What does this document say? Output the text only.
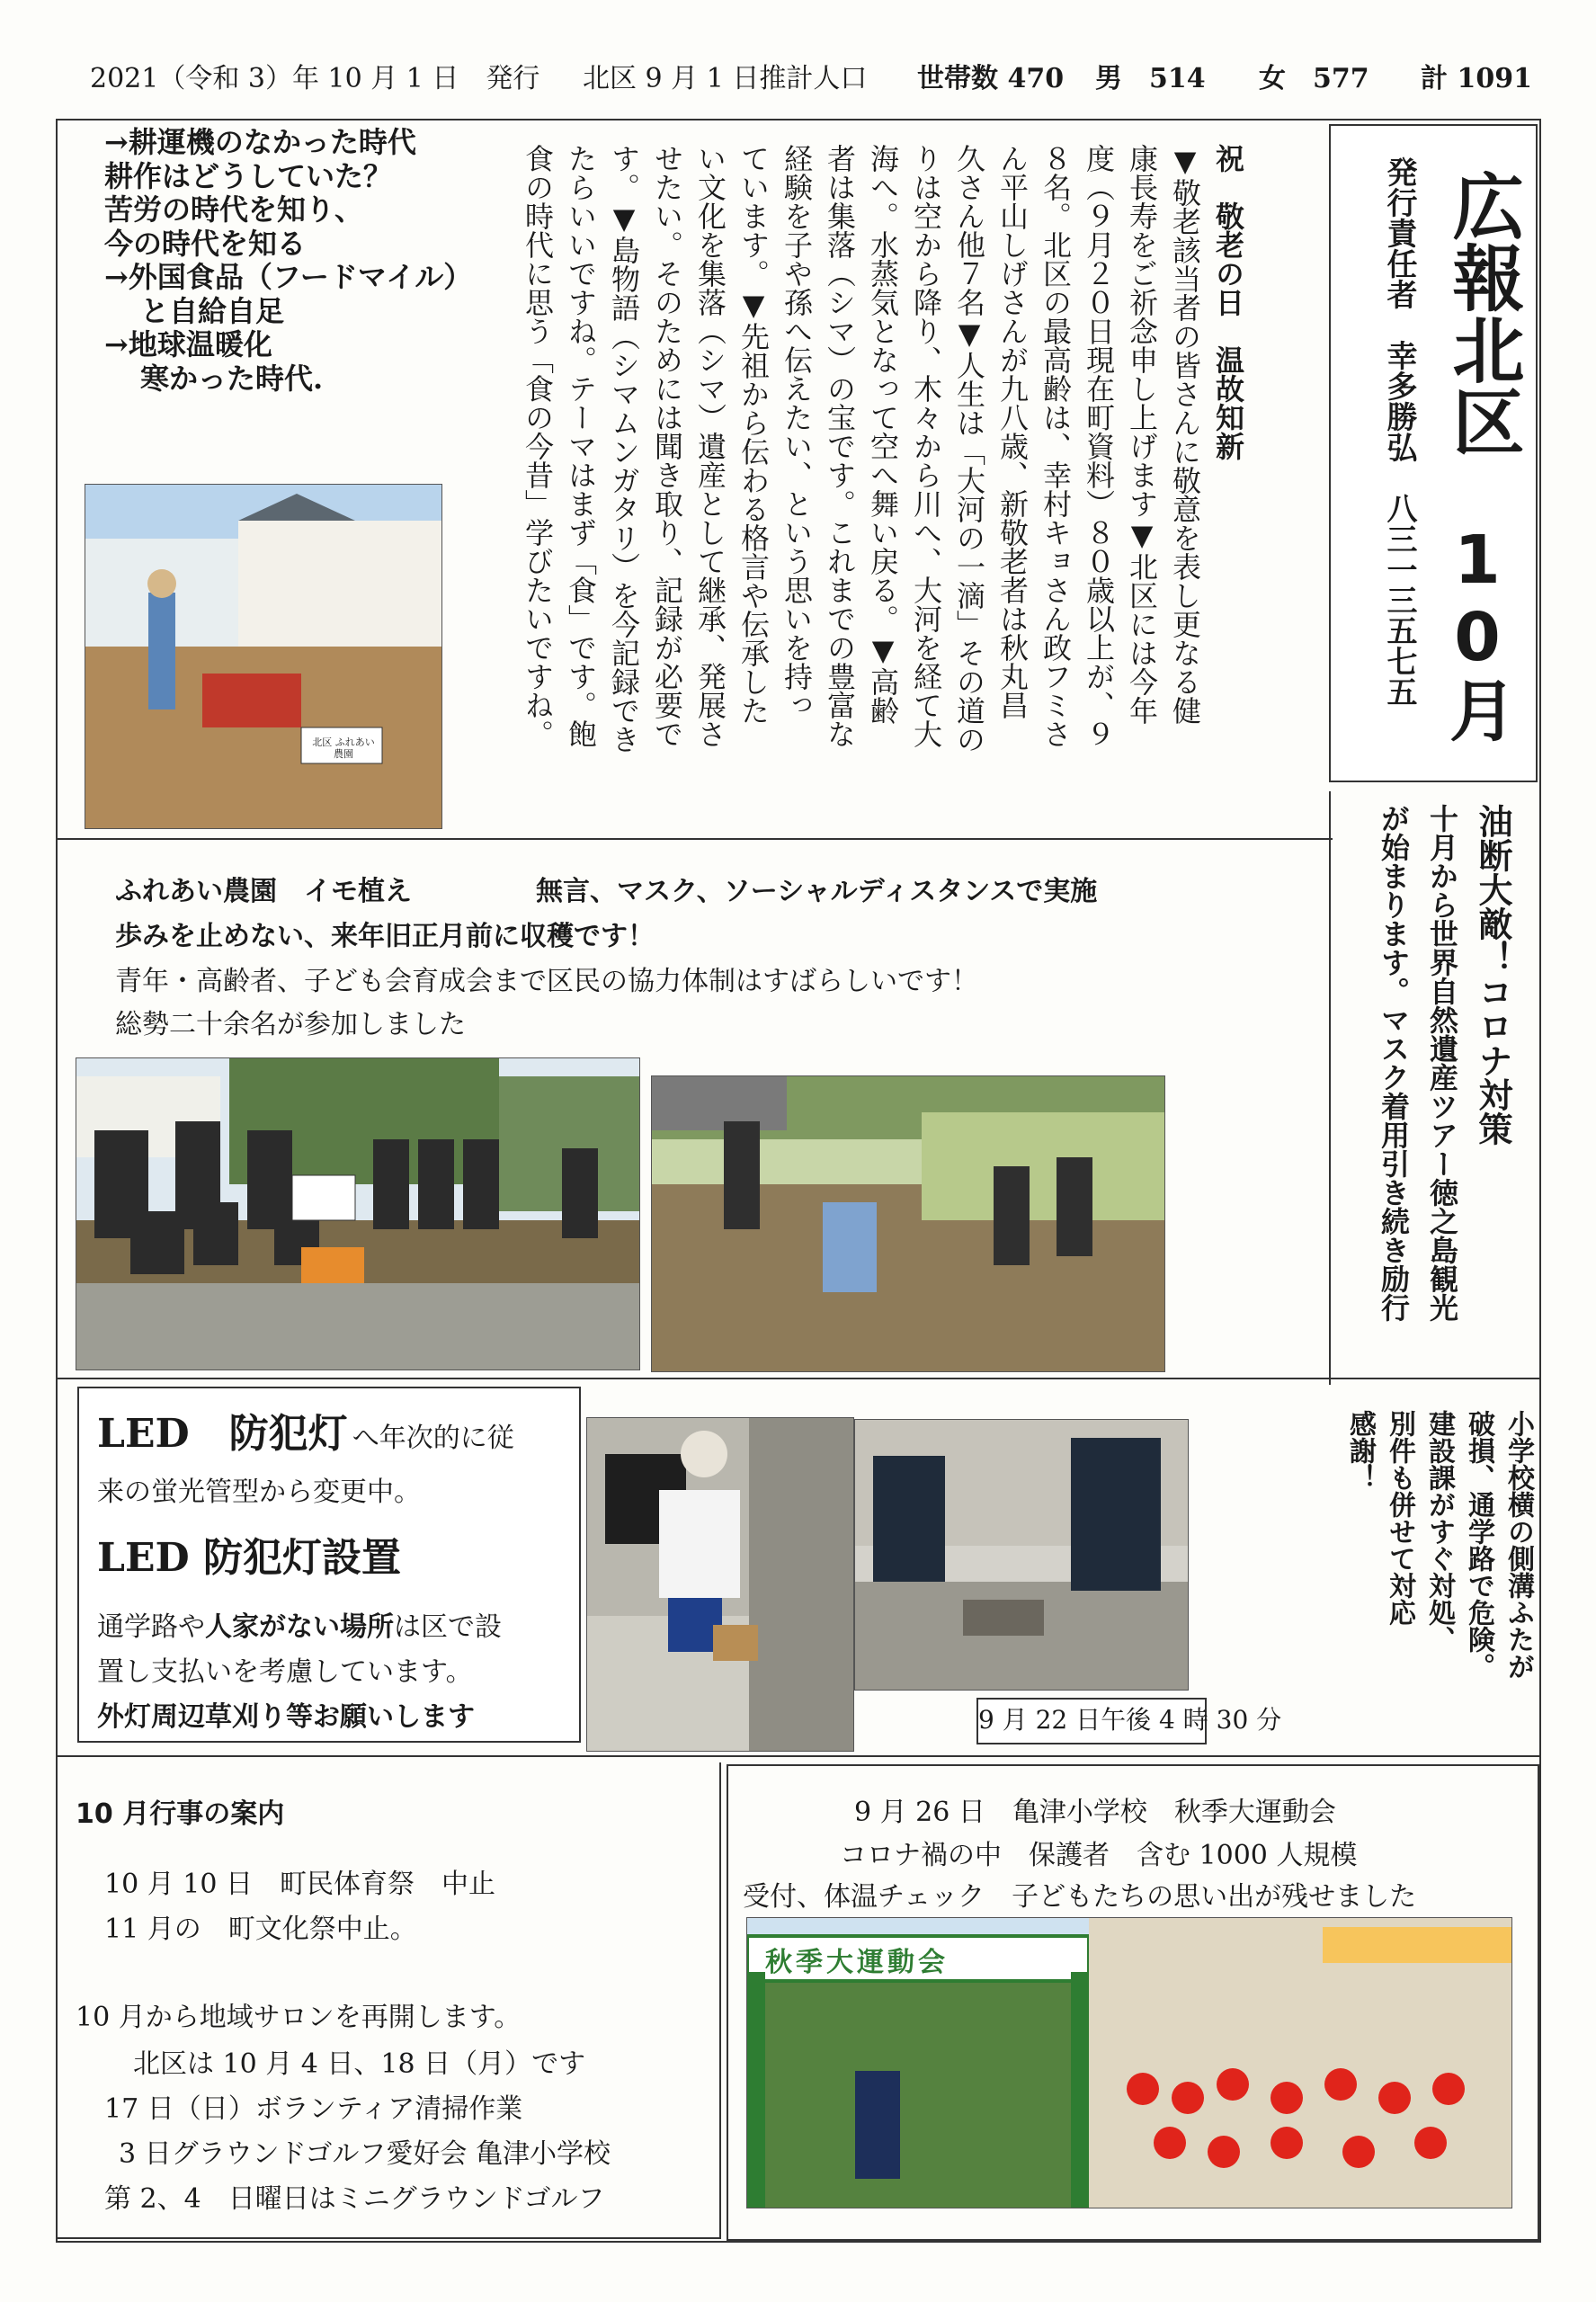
2021（令和 3）年 10 月 1 日　発行 北区 9 月 1 日推計人口 世帯数 470 男　514 女　577 計 1091
広報北区
10月
発行責任者　幸多勝弘　八三一三五七五
油断大敵！コロナ対策
十月から世界自然遺産ツアー徳之島観光
が始まります。マスク着用引き続き励行
→耕運機のなかった時代
耕作はどうしていた？
苦労の時代を知り、
今の時代を知る
→外国食品（フードマイル）
と自給自足
→地球温暖化
寒かった時代.
北区 ふれあい農園
祝　敬老の日　温故知新
▼敬老該当者の皆さんに敬意を表し更なる健
康長寿をご祈念申し上げます▼北区には今年
度（９月２０日現在町資料）８０歳以上が、９
８名。北区の最高齢は、幸村キョさん政フミさ
ん平山しげさんが九八歳、新敬老者は秋丸昌
久さん他７名▼人生は「大河の一滴」その道の
りは空から降り、木々から川へ、大河を経て大
海へ。水蒸気となって空へ舞い戻る。▼高齢
者は集落（シマ）の宝です。これまでの豊富な
経験を子や孫へ伝えたい、という思いを持っ
ています。▼先祖から伝わる格言や伝承した
い文化を集落（シマ）遺産として継承、発展さ
せたい。そのためには聞き取り、記録が必要で
す。▼島物語（シマムンガタリ）を今記録でき
たらいいですね。テーマはまず「食」です。飽
食の時代に思う「食の今昔」学びたいですね。
ふれあい農園　イモ植え	無言、マスク、ソーシャルディスタンスで実施
歩みを止めない、来年旧正月前に収穫です！
青年・高齢者、子ども会育成会まで区民の協力体制はすばらしいです！
総勢二十余名が参加しました
LED　防犯灯 へ年次的に従
来の蛍光管型から変更中。
LED 防犯灯設置
通学路や人家がない場所は区で設
置し支払いを考慮しています。
外灯周辺草刈り等お願いします	9 月 22 日午後 4 時 30 分
小学校横の側溝ふたが
破損、通学路で危険。
建設課がすぐ対処、
別件も併せて対応
感謝！
10 月行事の案内
10 月 10 日　町民体育祭　中止
11 月の　町文化祭中止。
10 月から地域サロンを再開します。
北区は 10 月 4 日、18 日（月）です
17 日（日）ボランティア清掃作業
3 日グラウンドゴルフ愛好会 亀津小学校
第 2、4　日曜日はミニグラウンドゴルフ
9 月 26 日　亀津小学校　秋季大運動会
コロナ禍の中　保護者　含む 1000 人規模
受付、体温チェック　子どもたちの思い出が残せました
秋季大運動会
